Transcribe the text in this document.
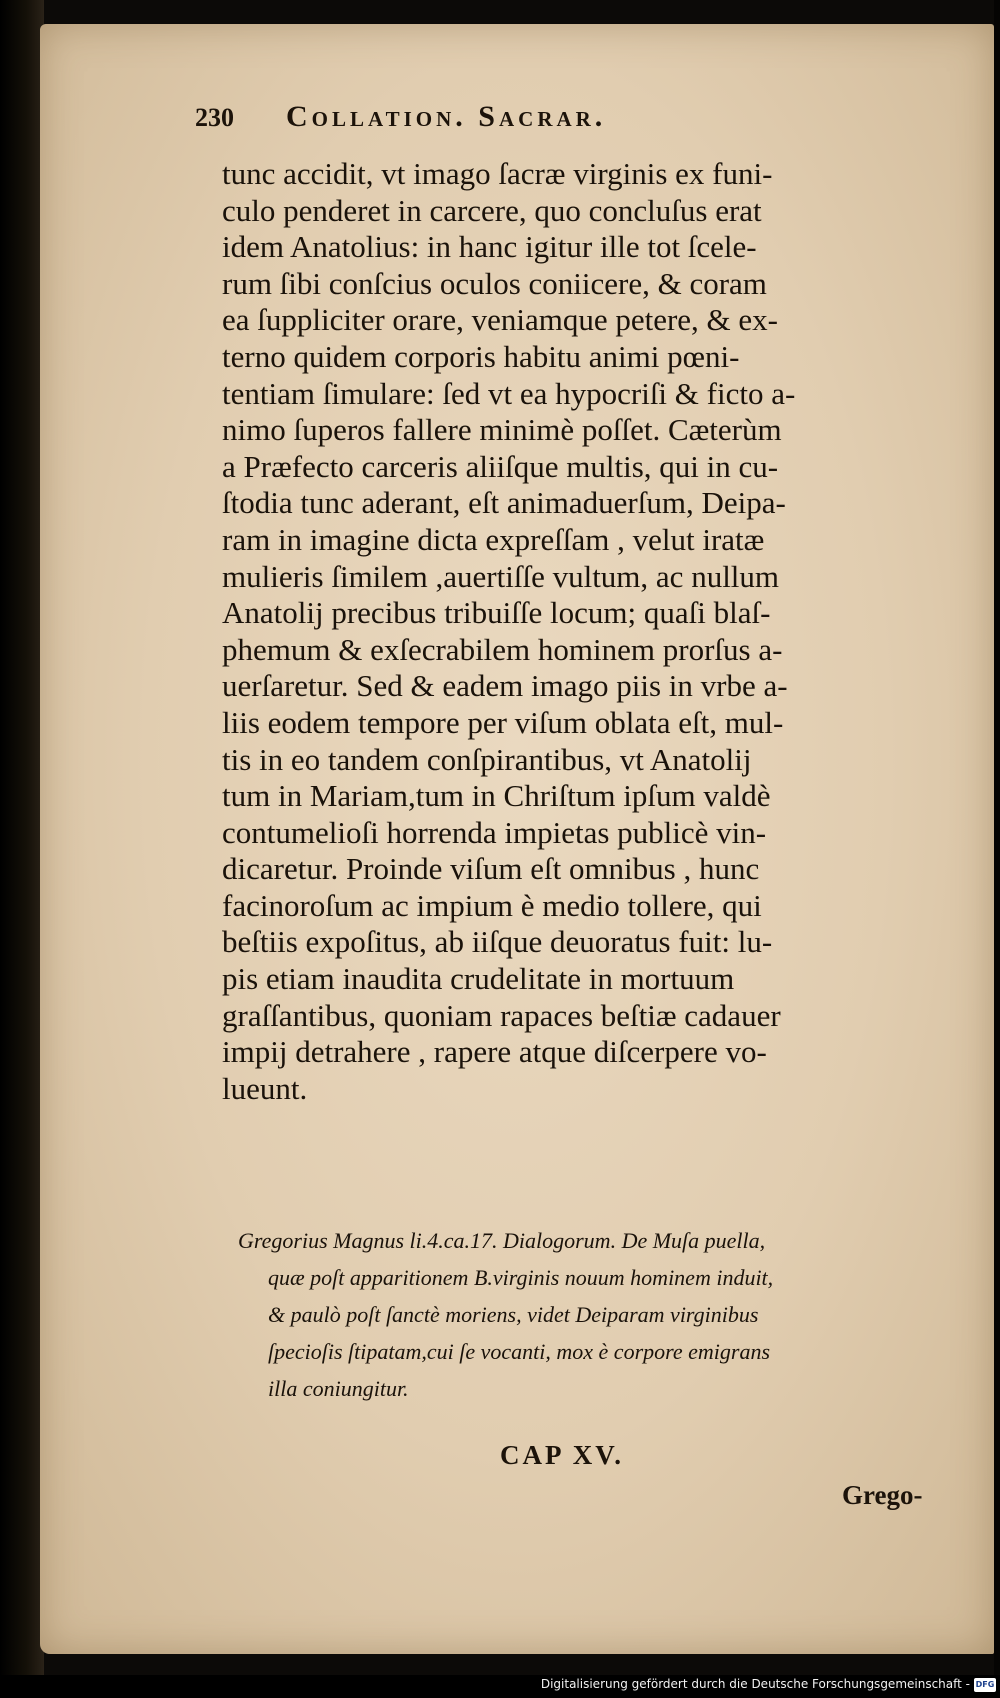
230 Collation. Sacrar.
tunc accidit, vt imago ſacræ virginis ex funi-
culo penderet in carcere, quo concluſus erat
idem Anatolius: in hanc igitur ille tot ſcele-
rum ſibi conſcius oculos coniicere, & coram
ea ſuppliciter orare, veniamque petere, & ex-
terno quidem corporis habitu animi pœni-
tentiam ſimulare: ſed vt ea hypocriſi & ficto a-
nimo ſuperos fallere minimè poſſet. Cæterùm
a Præfecto carceris aliiſque multis, qui in cu-
ſtodia tunc aderant, eſt animaduerſum, Deipa-
ram in imagine dicta expreſſam , velut iratæ
mulieris ſimilem ,auertiſſe vultum, ac nullum
Anatolij precibus tribuiſſe locum; quaſi blaſ-
phemum & exſecrabilem hominem prorſus a-
uerſaretur. Sed & eadem imago piis in vrbe a-
liis eodem tempore per viſum oblata eſt, mul-
tis in eo tandem conſpirantibus, vt Anatolij
tum in Mariam,tum in Chriſtum ipſum valdè
contumelioſi horrenda impietas publicè vin-
dicaretur. Proinde viſum eſt omnibus , hunc
facinoroſum ac impium è medio tollere, qui
beſtiis expoſitus, ab iiſque deuoratus fuit: lu-
pis etiam inaudita crudelitate in mortuum
graſſantibus, quoniam rapaces beſtiæ cadauer
impij detrahere , rapere atque diſcerpere vo-
lueunt.
Gregorius Magnus li.4.ca.17. Dialogorum. De Muſa puella,
quæ poſt apparitionem B.virginis nouum hominem induit,
& paulò poſt ſanctè moriens, videt Deiparam virginibus
ſpecioſis ſtipatam,cui ſe vocanti, mox è corpore emigrans
illa coniungitur.
CAP XV.
Grego-
Digitalisierung gefördert durch die Deutsche Forschungsgemeinschaft - DFG
